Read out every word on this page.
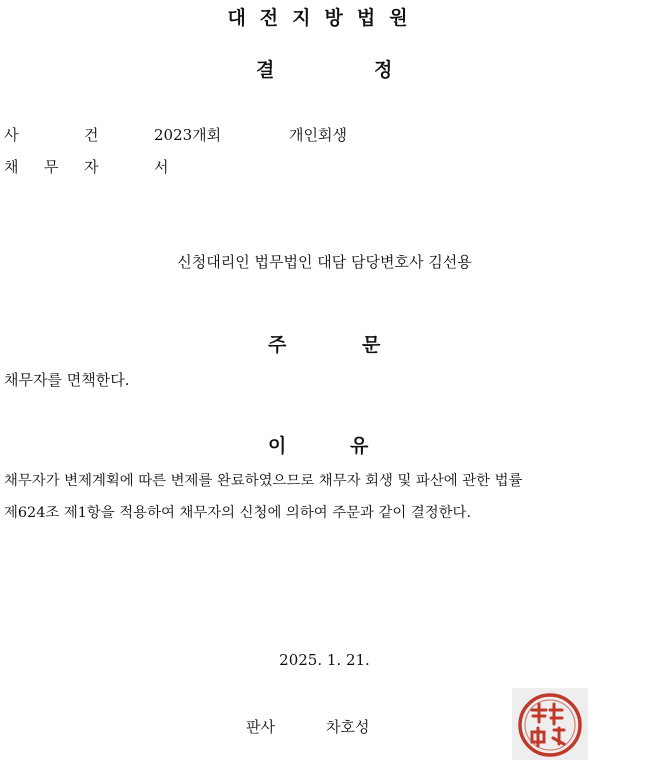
대전지방법원
결	정
사	건	2023개회	개인회생
채 무 자	서
신청대리인 법무법인 대담 담당변호사 김선용
주	문
채무자를 면책한다.
이	유
채무자가 변제계획에 따른 변제를 완료하였으므로 채무자 회생 및 파산에 관한 법률
제624조 제1항을 적용하여 채무자의 신청에 의하여 주문과 같이 결정한다.
2025. 1. 21.
판사	차호성
